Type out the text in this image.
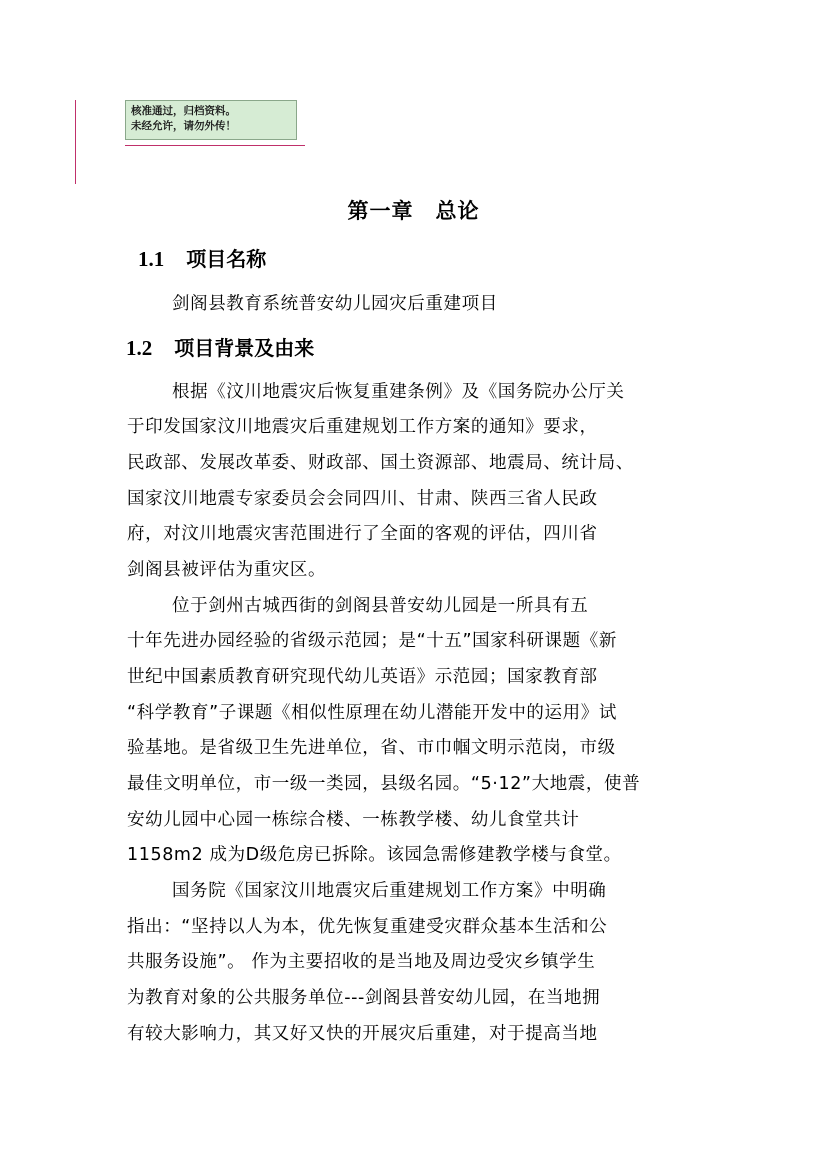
核准通过，归档资料。
未经允许，请勿外传！
第一章 总论
1.1 项目名称
剑阁县教育系统普安幼儿园灾后重建项目
1.2 项目背景及由来
根据《汶川地震灾后恢复重建条例》及《国务院办公厅关
于印发国家汶川地震灾后重建规划工作方案的通知》要求，
民政部、发展改革委、财政部、国土资源部、地震局、统计局、
国家汶川地震专家委员会会同四川、甘肃、陕西三省人民政
府，对汶川地震灾害范围进行了全面的客观的评估，四川省
剑阁县被评估为重灾区。
位于剑州古城西街的剑阁县普安幼儿园是一所具有五
十年先进办园经验的省级示范园；是“十五”国家科研课题《新
世纪中国素质教育研究现代幼儿英语》示范园；国家教育部
“科学教育”子课题《相似性原理在幼儿潜能开发中的运用》试
验基地。是省级卫生先进单位，省、市巾帼文明示范岗，市级
最佳文明单位，市一级一类园，县级名园。“5·12”大地震，使普
安幼儿园中心园一栋综合楼、一栋教学楼、幼儿食堂共计
1158m2 成为D级危房已拆除。该园急需修建教学楼与食堂。
国务院《国家汶川地震灾后重建规划工作方案》中明确
指出：“坚持以人为本，优先恢复重建受灾群众基本生活和公
共服务设施”。 作为主要招收的是当地及周边受灾乡镇学生
为教育对象的公共服务单位---剑阁县普安幼儿园，在当地拥
有较大影响力，其又好又快的开展灾后重建，对于提高当地
